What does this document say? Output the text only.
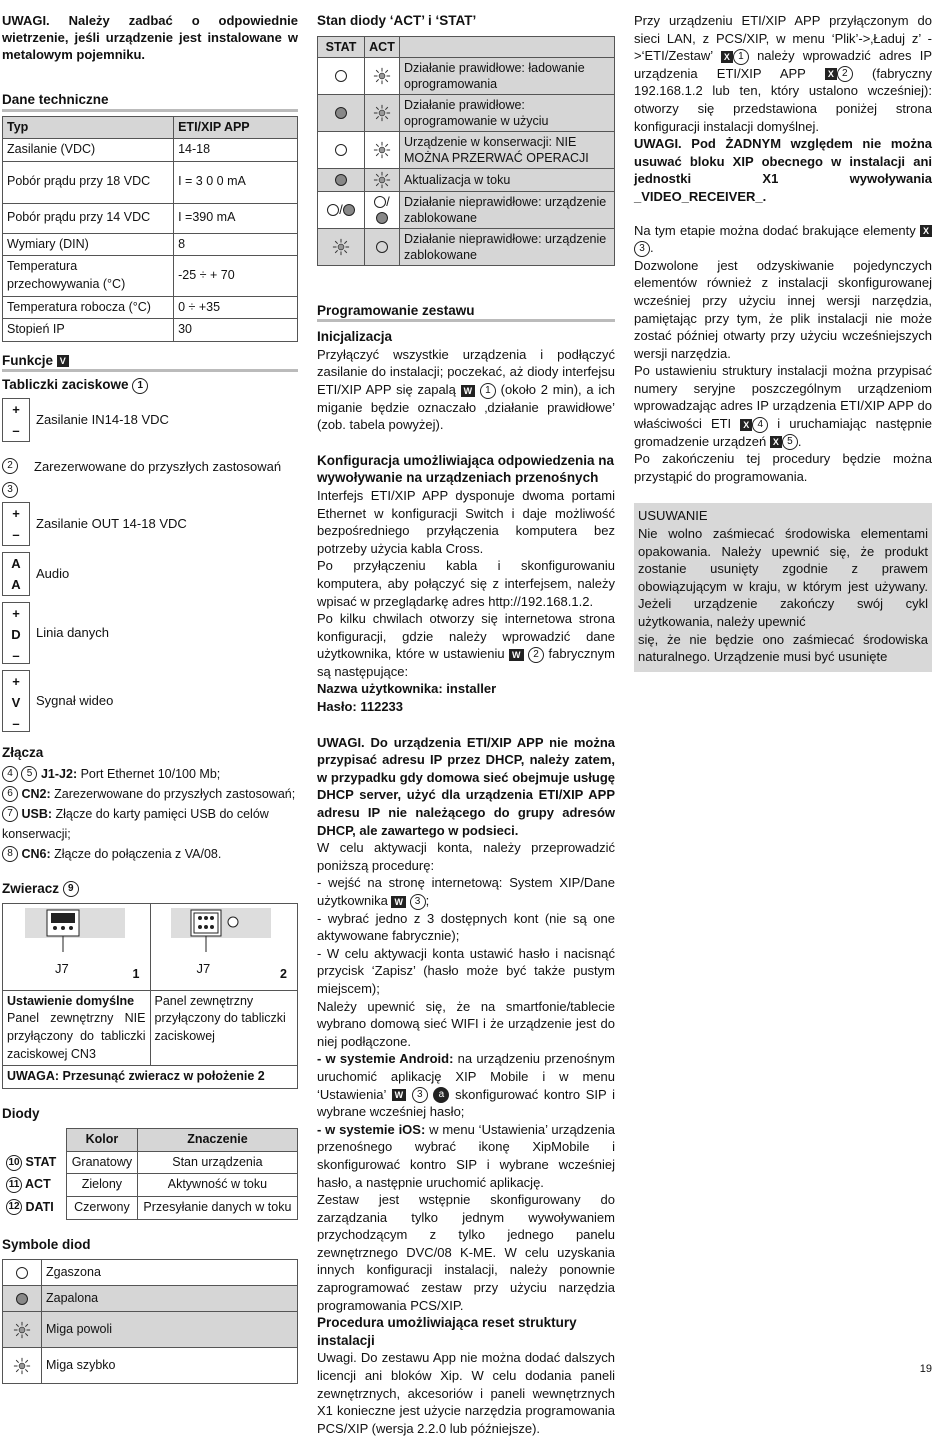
UWAGI. Należy zadbać o odpowiednie wietrzenie, jeśli urządzenie jest instalowane w metalowym pojemniku.

Dane techniczne
Typ	ETI/XIP APP
Zasilanie (VDC)	14-18
Pobór prądu przy 18 VDC	I = 3 0 0 mA
Pobór prądu przy 14 VDC	I =390 mA
Wymiary (DIN)	8
Temperatura przechowywania (°C)	-25 ÷ + 70
Temperatura robocza (°C)	0 ÷ +35
Stopień IP	30
Funkcje V
Tabliczki zaciskowe 1
+
–
Zasilanie IN14-18 VDC
2
3
Zarezerwowane do przyszłych zastosowań
+
–
Zasilanie OUT 14-18 VDC
A
A
Audio
+
D
–
Linia danych
+
V
–
Sygnał wideo
Złącza
4 5 J1-J2: Port Ethernet 10/100 Mb;
6 CN2: Zarezerwowane do przyszłych zastosowań;
7 USB: Złącze do karty pamięci USB do celów konserwacji;
8 CN6: Złącze do połączenia z VA/08.
Zwieracz 9
J7 1	J7 2

Ustawienie domyślne

Panel zewnętrzny NIE przyłączony do tabliczki zaciskowej CN3	Panel zewnętrzny przyłączony do tabliczki zaciskowej
UWAGA: Przesunąć zwieracz w położenie 2	
Diody
	Kolor	Znaczenie
10 STAT	Granatowy	Stan urządzenia
11 ACT	Zielony	Aktywność w toku
12 DATI	Czerwony	Przesyłanie danych w toku
Symbole diod
	Zgaszona
	Zapalona
	Miga powoli
	Miga szybko
Stan diody ‘ACT’ i ‘STAT’
STAT	ACT	
		Działanie prawidłowe: ładowanie oprogramowania
		Działanie prawidłowe: oprogramowanie w użyciu
		Urządzenie w konserwacji: NIE MOŻNA PRZERWAĆ OPERACJI
		Aktualizacja w toku
/	/	Działanie nieprawidłowe: urządzenie zablokowane
		Działanie nieprawidłowe: urządzenie zablokowane
Programowanie zestawu
Inicjalizacja

Przyłączyć wszystkie urządzenia i podłączyć zasilanie do instalacji; poczekać, aż diody interfejsu ETI/XIP APP się zapalą W 1 (około 2 min), a ich miganie będzie oznaczało ‚działanie prawidłowe’ (zob. tabela powyżej).

Konfiguracja umożliwiająca odpowiedzenia na wywoływanie na urządzeniach przenośnych

Interfejs ETI/XIP APP dysponuje dwoma portami Ethernet w konfiguracji Switch i daje możliwość bezpośredniego przyłączenia komputera bez potrzeby użycia kabla Cross.

Po przyłączeniu kabla i skonfigurowaniu komputera, aby połączyć się z interfejsem, należy wpisać w przeglądarkę adres http://192.168.1.2.

Po kilku chwilach otworzy się internetowa strona konfiguracji, gdzie należy wprowadzić dane użytkownika, które w ustawieniu W 2 fabrycznym są następujące:

Nazwa użytkownika: installer

Hasło: 112233

UWAGI. Do urządzenia ETI/XIP APP nie można przypisać adresu IP przez DHCP, należy zatem, w przypadku gdy domowa sieć obejmuje usługę DHCP server, użyć dla urządzenia ETI/XIP APP adresu IP nie należącego do grupy adresów DHCP, ale zawartego w podsieci.

W celu aktywacji konta, należy przeprowadzić poniższą procedurę:

- wejść na stronę internetową: System XIP/Dane użytkownika W 3 ;

- wybrać jedno z 3 dostępnych kont (nie są one aktywowane fabrycznie);

- W celu aktywacji konta ustawić hasło i nacisnąć przycisk ‘Zapisz’ (hasło może być także pustym miejscem);

Należy upewnić się, że na smartfonie/tablecie wybrano domową sieć WIFI i że urządzenie jest do niej podłączone.

- w systemie Android: na urządzeniu przenośnym uruchomić aplikację XIP Mobile i w menu ‘Ustawienia’ W 3 a skonfigurować kontro SIP i wybrane wcześniej hasło;

- w systemie iOS: w menu ‘Ustawienia’ urządzenia przenośnego wybrać ikonę XipMobile i skonfigurować kontro SIP i wybrane wcześniej hasło, a następnie uruchomić aplikację.

Zestaw jest wstępnie skonfigurowany do zarządzania tylko jednym wywoływaniem przychodzącym z tylko jednego panelu zewnętrznego DVC/08 K-ME. W celu uzyskania innych konfiguracji instalacji, należy ponownie zaprogramować zestaw przy użyciu narzędzia programowania PCS/XIP.

Procedura umożliwiająca reset struktury instalacji

Uwagi. Do zestawu App nie można dodać dalszych licencji ani bloków Xip. W celu dodania paneli zewnętrznych, akcesoriów i paneli wewnętrznych X1 konieczne jest użycie narzędzia programowania PCS/XIP (wersja 2.2.0 lub późniejsze).

Przy urządzeniu ETI/XIP APP przyłączonym do sieci LAN, z PCS/XIP, w menu ‘Plik’->‚Ładuj z’ ->‘ETI/Zestaw’ X 1 należy wprowadzić adres IP urządzenia ETI/XIP APP X 2 (fabryczny 192.168.1.2 lub ten, który ustalono wcześniej): otworzy się przedstawiona poniżej strona konfiguracji instalacji domyślnej.

UWAGI. Pod ŻADNYM względem nie można usuwać bloku XIP obecnego w instalacji ani jednostki X1 wywoływania _VIDEO_RECEIVER_.

Na tym etapie można dodać brakujące elementy X3 .

Dozwolone jest odzyskiwanie pojedynczych elementów również z instalacji skonfigurowanej wcześniej przy użyciu innej wersji narzędzia, pamiętając przy tym, że plik instalacji nie może zostać później otwarty przy użyciu wcześniejszych wersji narzędzia.

Po ustawieniu struktury instalacji można przypisać numery seryjne poszczególnym urządzeniom wprowadzając adres IP urządzenia ETI/XIP APP do właściwości ETI X 4 i uruchamiając następnie gromadzenie urządzeń X 5 .

Po zakończeniu tej procedury będzie można przystąpić do programowania.

USUWANIE

Nie wolno zaśmiecać środowiska elementami opakowania. Należy upewnić się, że produkt zostanie usunięty zgodnie z prawem obowiązującym w kraju, w którym jest używany. Jeżeli urządzenie zakończy swój cykl użytkowania, należy upewnić

się, że nie będzie ono zaśmiecać środowiska naturalnego. Urządzenie musi być usunięte

19
